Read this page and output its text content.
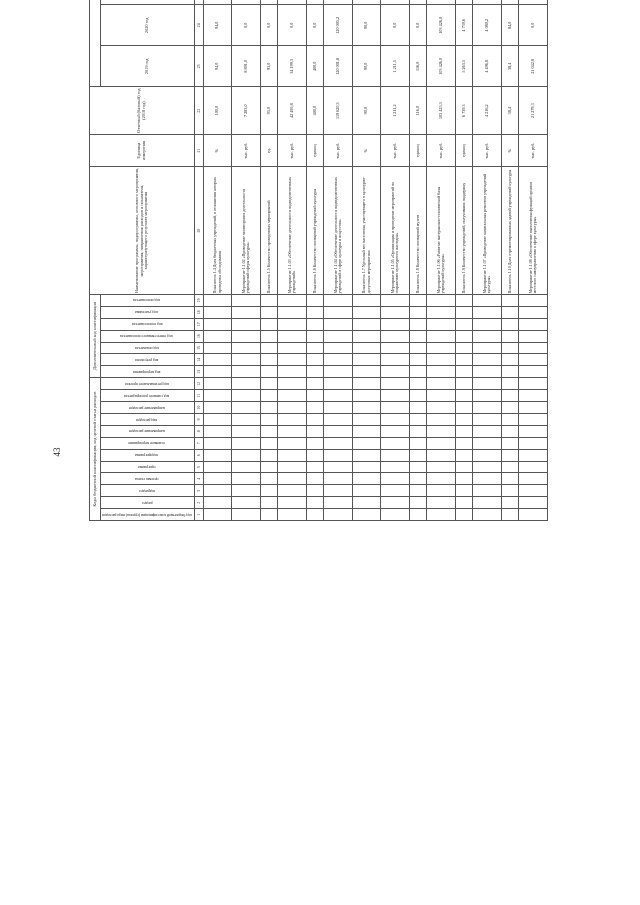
43	Коды бюджетной классификации, код целевой статьи расходов												Дополнительный код классификации							Наименование программы, подпрограммы, основного мероприятия, мероприятия, направления расходов и показателя, характеризующего результат мероприятия	Единица измерения	Отчетный (базовый) год (2018 год)		
код бюджетной классификации (группы) вида расходов	раздел	подраздел	целевая статья	программа	подпрограмма	основное мероприятие	направление расходов	вид расходов	направление расходов	код главного распорядителя	код регионального проекта	код мероприятия	код результата	код показателя	код ответственного исполнителя	код соисполнителя	код участника	код исполнителя				2019 год	2020 год						
1	2	3	4	5	6	7	8	9	10	11	12	13	14	15	16	17	18	19	20	21	22	23	24						
																			Показатель 1.4 Доля бюджетных учреждений, в отношении которых проведены обследования	%	100,0	94,0	94,0						
																			Мероприятие 1.1.02 «Проведение мониторинга деятельности учреждений сферы культуры»	тыс. руб.	7 283,0	8 891,0	0,0						
																			Показатель 1.5 Количество проведенных мероприятий	ед.	93,0	93,0	0,0						
																			Мероприятие 1.1.03 «Обеспечение деятельности подведомственных учреждений»	тыс. руб.	42 495,8	34 199,3	0,0						
																			Показатель 1.6 Количество посещений учреждений культуры	единиц	400,0	400,0	0,0						
																			Мероприятие 1.1.04 «Обеспечение деятельности подведомственных учреждений в сфере культуры и искусства»	тыс. руб.	119 620,3	120 001,8	120 005,2						
																			Показатель 1.7 Удельный вес населения, участвующего в культурно-досуговых мероприятиях	%	90,0	90,0	90,0						
																			Мероприятие 1.1.05 «Организация и проведение мероприятий по сохранению культурного наследия»	тыс. руб.	1 211,2	1 211,5	0,0						
																			Показатель 1.8 Количество посещений музеев	единиц	116,0	116,0	0,0						
																			Мероприятие 1.1.06 «Развитие материально-технической базы учреждений культуры»	тыс. руб.	103 425,3	103 426,0	103 426,0						
																			Показатель 1.9 Количество учреждений, получивших поддержку	единиц	6 739,3	5 263,5	4 739,6						
																			Мероприятие 1.1.07 «Проведение капитальных ремонтов учреждений культуры»	тыс. руб.	4 216,2	4 496,8	4 080,2						
																			Показатель 1.10 Доля отремонтированных зданий учреждений культуры	%	38,4	38,4	84,0						
																			Мероприятие 1.1.08 «Обеспечение выполнения функций органов местного самоуправления в сфере культуры»	тыс. руб.	21 279,3	21 042,8	0,0						
